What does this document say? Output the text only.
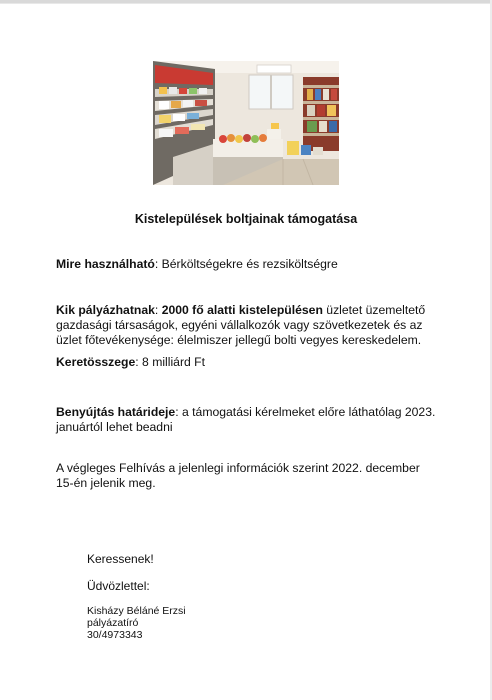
Kistelepülések boltjainak támogatása

Mire használható: Bérköltségekre és rezsiköltségre

Kik pályázhatnak: 2000 fő alatti kistelepülésen üzletet üzemeltető gazdasági társaságok, egyéni vállalkozók vagy szövetkezetek és az üzlet főtevékenysége: élelmiszer jellegű bolti vegyes kereskedelem.

Keretösszege: 8 milliárd Ft

Benyújtás határideje: a támogatási kérelmeket előre láthatólag 2023. januártól lehet beadni

A végleges Felhívás a jelenlegi információk szerint 2022. december 15-én jelenik meg.

Keressenek!

Üdvözlettel:

Kisházy Béláné Erzsi
pályázatíró
30/4973343
